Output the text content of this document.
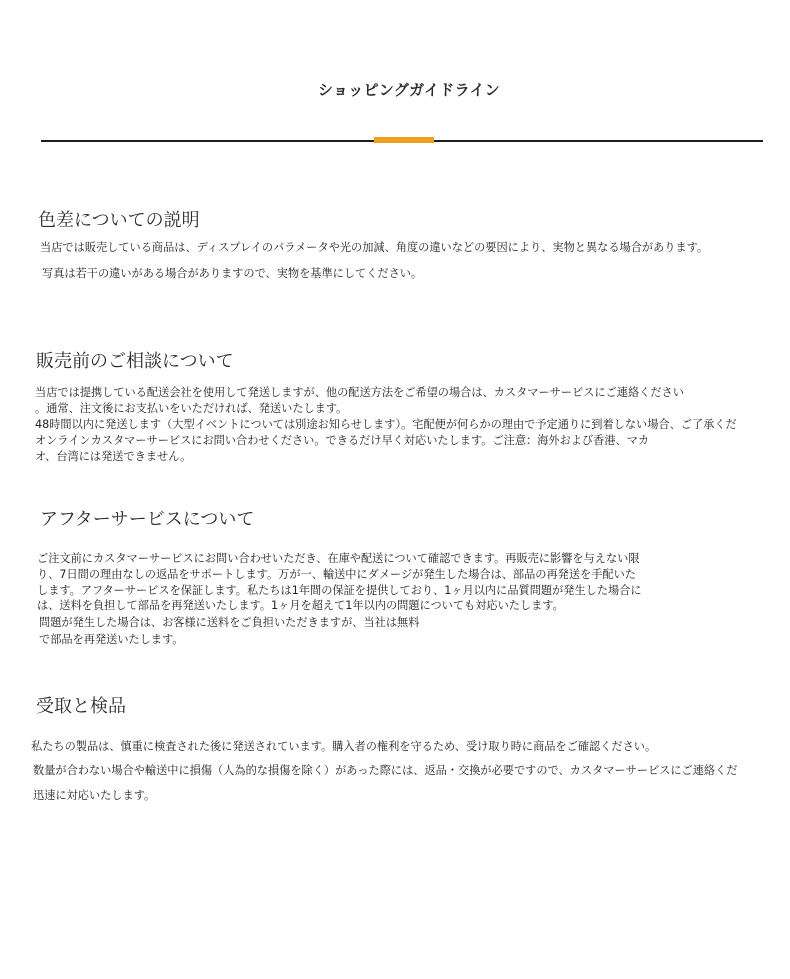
ショッピングガイドライン
色差についての説明
当店では販売している商品は、ディスプレイのパラメータや光の加減、角度の違いなどの要因により、実物と異なる場合があります。
写真は若干の違いがある場合がありますので、実物を基準にしてください。
販売前のご相談について
当店では提携している配送会社を使用して発送しますが、他の配送方法をご希望の場合は、カスタマーサービスにご連絡ください
。通常、注文後にお支払いをいただければ、発送いたします。
48時間以内に発送します（大型イベントについては別途お知らせします）。宅配便が何らかの理由で予定通りに到着しない場合、ご了承くだ
オンラインカスタマーサービスにお問い合わせください。できるだけ早く対応いたします。ご注意：海外および香港、マカ
オ、台湾には発送できません。
アフターサービスについて
ご注文前にカスタマーサービスにお問い合わせいただき、在庫や配送について確認できます。再販売に影響を与えない限
り、7日間の理由なしの返品をサポートします。万が一、輸送中にダメージが発生した場合は、部品の再発送を手配いた
します。アフターサービスを保証します。私たちは1年間の保証を提供しており、1ヶ月以内に品質問題が発生した場合に
は、送料を負担して部品を再発送いたします。1ヶ月を超えて1年以内の問題についても対応いたします。
問題が発生した場合は、お客様に送料をご負担いただきますが、当社は無料
で部品を再発送いたします。
受取と検品
私たちの製品は、慎重に検査された後に発送されています。購入者の権利を守るため、受け取り時に商品をご確認ください。
数量が合わない場合や輸送中に損傷（人為的な損傷を除く）があった際には、返品・交換が必要ですので、カスタマーサービスにご連絡くだ
迅速に対応いたします。
